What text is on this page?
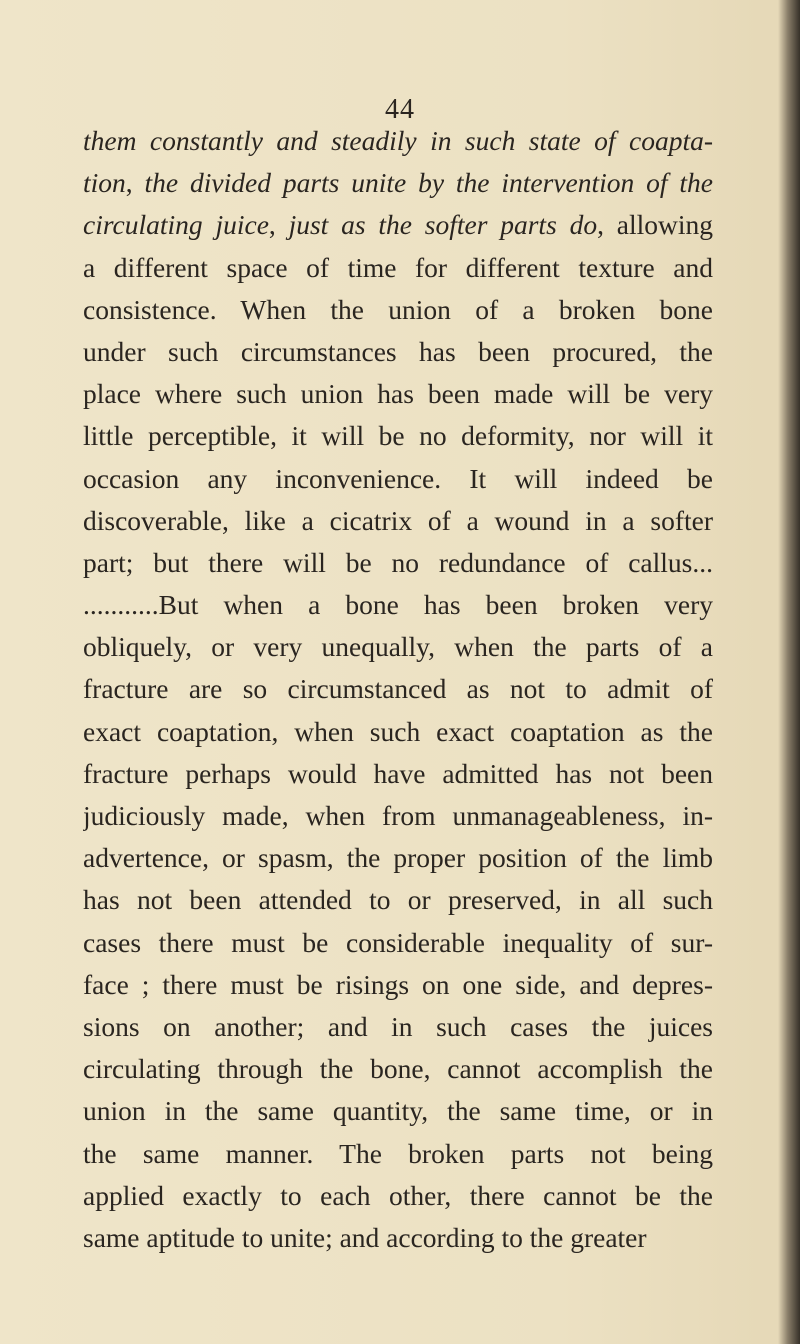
44
them constantly and steadily in such state of coapta-
tion, the divided parts unite by the intervention of the
circulating juice, just as the softer parts do, allowing
a different space of time for different texture and
consistence. When the union of a broken bone
under such circumstances has been procured, the
place where such union has been made will be very
little perceptible, it will be no deformity, nor will it
occasion any inconvenience. It will indeed be
discoverable, like a cicatrix of a wound in a softer
part; but there will be no redundance of callus...
...........But when a bone has been broken very
obliquely, or very unequally, when the parts of a
fracture are so circumstanced as not to admit of
exact coaptation, when such exact coaptation as the
fracture perhaps would have admitted has not been
judiciously made, when from unmanageableness, in-
advertence, or spasm, the proper position of the limb
has not been attended to or preserved, in all such
cases there must be considerable inequality of sur-
face ; there must be risings on one side, and depres-
sions on another; and in such cases the juices
circulating through the bone, cannot accomplish the
union in the same quantity, the same time, or in
the same manner. The broken parts not being
applied exactly to each other, there cannot be the
same aptitude to unite; and according to the greater
